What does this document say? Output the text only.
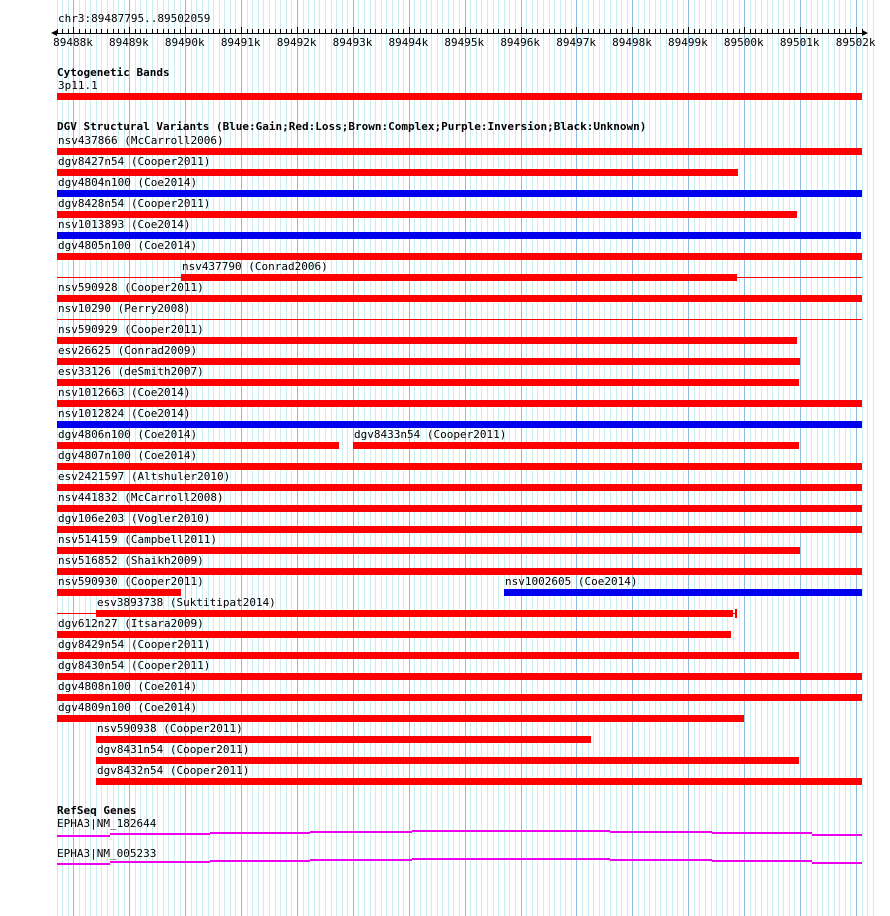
chr3:89487795..89502059
89488k 89489k 89490k 89491k 89492k 89493k 89494k 89495k 89496k 89497k 89498k 89499k 89500k 89501k 89502k
Cytogenetic Bands
3p11.1
DGV Structural Variants (Blue:Gain;Red:Loss;Brown:Complex;Purple:Inversion;Black:Unknown)
nsv437866 (McCarroll2006)
dgv8427n54 (Cooper2011)
dgv4804n100 (Coe2014)
dgv8428n54 (Cooper2011)
nsv1013893 (Coe2014)
dgv4805n100 (Coe2014)
nsv437790 (Conrad2006)
nsv590928 (Cooper2011)
nsv10290 (Perry2008)
nsv590929 (Cooper2011)
esv26625 (Conrad2009)
esv33126 (deSmith2007)
nsv1012663 (Coe2014)
nsv1012824 (Coe2014)
dgv4806n100 (Coe2014)	dgv8433n54 (Cooper2011)
dgv4807n100 (Coe2014)
esv2421597 (Altshuler2010)
nsv441832 (McCarroll2008)
dgv106e203 (Vogler2010)
nsv514159 (Campbell2011)
nsv516852 (Shaikh2009)
nsv590930 (Cooper2011)	nsv1002605 (Coe2014)
esv3893738 (Suktitipat2014)
dgv612n27 (Itsara2009)
dgv8429n54 (Cooper2011)
dgv8430n54 (Cooper2011)
dgv4808n100 (Coe2014)
dgv4809n100 (Coe2014)
nsv590938 (Cooper2011)
dgv8431n54 (Cooper2011)
dgv8432n54 (Cooper2011)
RefSeq Genes
EPHA3|NM_182644
EPHA3|NM_005233
